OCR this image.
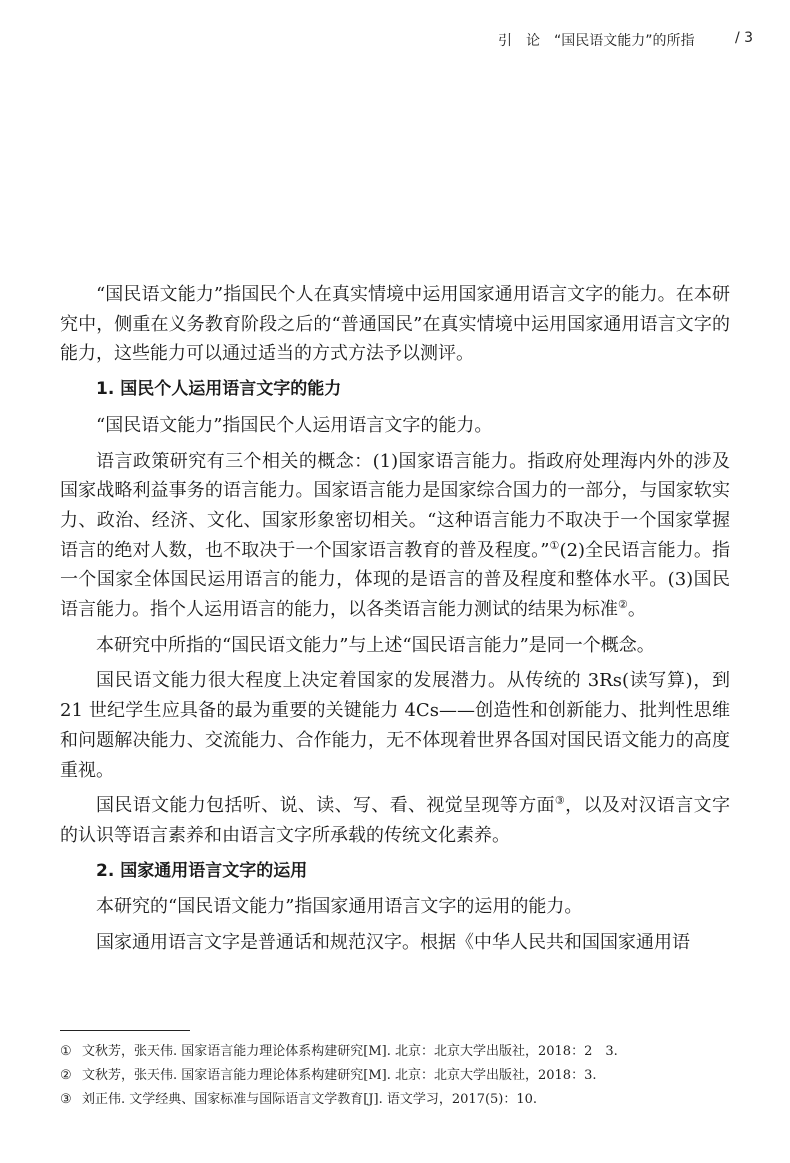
引　论　“国民语文能力”的所指	/ 3

“国民语文能力”指国民个人在真实情境中运用国家通用语言文字的能力。在本研究中，侧重在义务教育阶段之后的“普通国民”在真实情境中运用国家通用语言文字的能力，这些能力可以通过适当的方式方法予以测评。

1. 国民个人运用语言文字的能力

“国民语文能力”指国民个人运用语言文字的能力。

语言政策研究有三个相关的概念：(1)国家语言能力。指政府处理海内外的涉及国家战略利益事务的语言能力。国家语言能力是国家综合国力的一部分，与国家软实力、政治、经济、文化、国家形象密切相关。“这种语言能力不取决于一个国家掌握语言的绝对人数，也不取决于一个国家语言教育的普及程度。”①(2)全民语言能力。指一个国家全体国民运用语言的能力，体现的是语言的普及程度和整体水平。(3)国民语言能力。指个人运用语言的能力，以各类语言能力测试的结果为标准②。

本研究中所指的“国民语文能力”与上述“国民语言能力”是同一个概念。

国民语文能力很大程度上决定着国家的发展潜力。从传统的 3Rs(读写算)，到 21 世纪学生应具备的最为重要的关键能力 4Cs——创造性和创新能力、批判性思维和问题解决能力、交流能力、合作能力，无不体现着世界各国对国民语文能力的高度重视。

国民语文能力包括听、说、读、写、看、视觉呈现等方面③，以及对汉语言文字的认识等语言素养和由语言文字所承载的传统文化素养。

2. 国家通用语言文字的运用

本研究的“国民语文能力”指国家通用语言文字的运用的能力。

国家通用语言文字是普通话和规范汉字。根据《中华人民共和国国家通用语

① 文秋芳，张天伟. 国家语言能力理论体系构建研究[M]. 北京：北京大学出版社，2018：2　3.

② 文秋芳，张天伟. 国家语言能力理论体系构建研究[M]. 北京：北京大学出版社，2018：3.

③ 刘正伟. 文学经典、国家标准与国际语言文学教育[J]. 语文学习，2017(5)：10.
